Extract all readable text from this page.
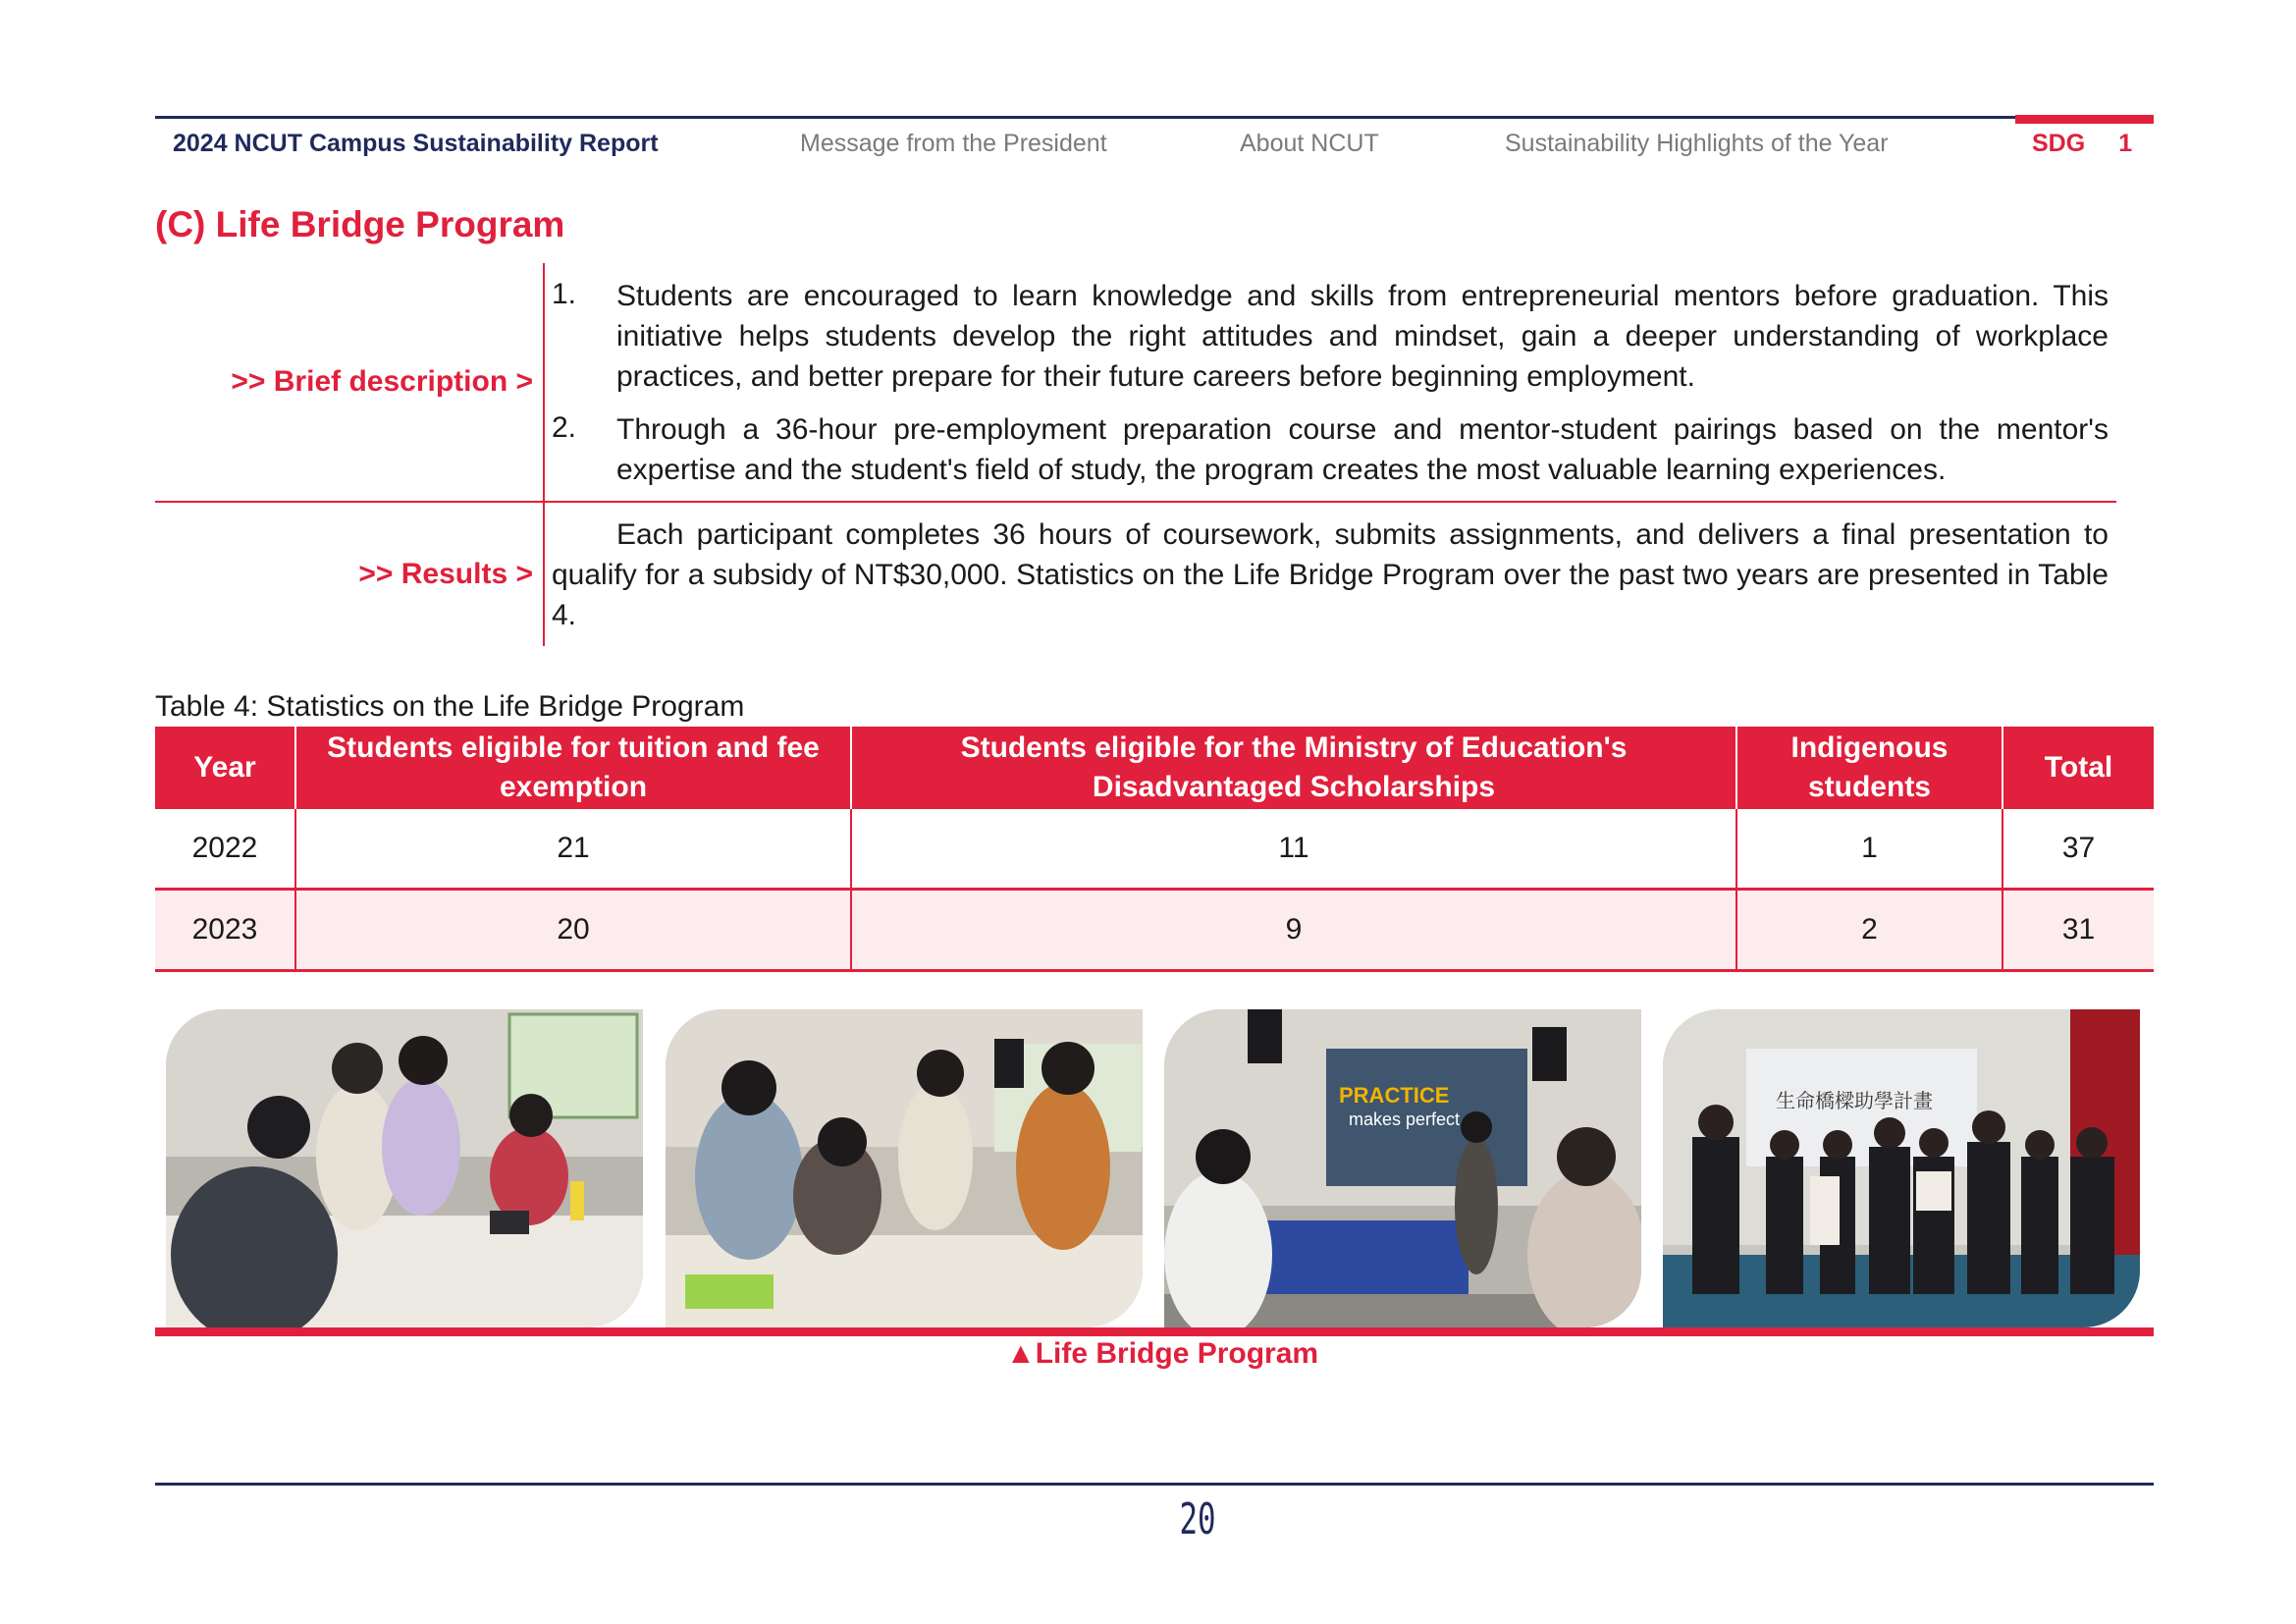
2024 NCUT Campus Sustainability Report	Message from the President	About NCUT	Sustainability Highlights of the Year	SDG 1
(C) Life Bridge Program
>> Brief description >
1. Students are encouraged to learn knowledge and skills from entrepreneurial mentors before graduation. This initiative helps students develop the right attitudes and mindset, gain a deeper understanding of workplace practices, and better prepare for their future careers before beginning employment.
2. Through a 36-hour pre-employment preparation course and mentor-student pairings based on the mentor's expertise and the student's field of study, the program creates the most valuable learning experiences.
>> Results >
Each participant completes 36 hours of coursework, submits assignments, and delivers a final presentation to qualify for a subsidy of NT$30,000. Statistics on the Life Bridge Program over the past two years are presented in Table 4.
Table 4: Statistics on the Life Bridge Program
Year	Students eligible for tuition and fee exemption	Students eligible for the Ministry of Education's Disadvantaged Scholarships	Indigenous students	Total
2022	21	11	1	37
2023	20	9	2	31
PRACTICE
makes perfect
生命橋樑助學計畫
▲Life Bridge Program
20
